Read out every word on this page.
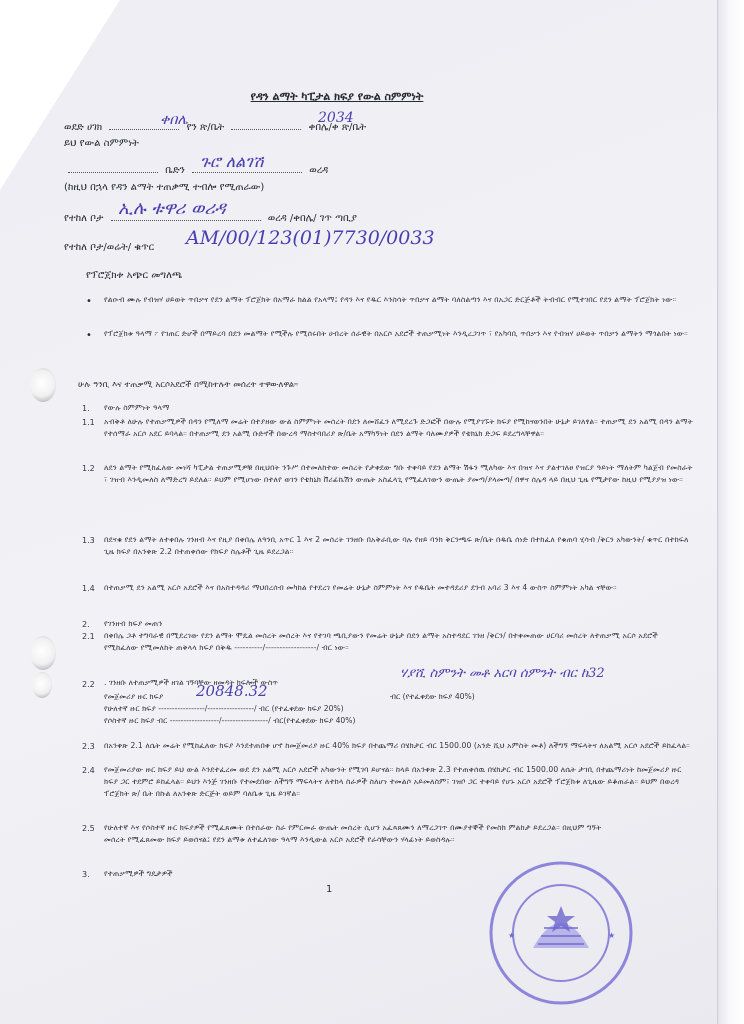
የዳን ልማት ካፒታል ክፍያ የውል ስምምነት
ወደድ ሀገክ	የን ጽ/ቤት	ቀበሌ/ቀ ጽ/ቤት
ቀበሌ	2034
ይህ የውል ስምምነት
ቤድን	ወረዳ
ጉሮ ለልገሽ
(ከዚህ በኋላ የዳን ልማት ተጠቃሚ ተብሎ የሚጠራው)
የተከለ ቦታ	ወረዳ /ቀበሌ/ ገጥ ጣቢያ
ኢሉ ቱዋሪ ወሪዳ
የተከለ ቦታ/ወሬት/ ቁጥር AM/00/123(01)7730/0033
የፕሮጀክቱ አጭር መግለጫ
• የልዑብ ሙሉ የብዝሃ ሀይወት ጥበቃና የደን ልማት ፕሮጀክት በአማራ ክልል የአላማ፤ የዳን እና የዱር እንስሳት ጥበቃና ልማት ባለስልጣን እና በአጋር ድርጅቶች ትብብር የሚተገበር የደን ልማት ፕሮጀክት ነው።
• የፕሮጀክቱ ዓላማ ፦ የገጠር ድሆች በማይረባ በደን መልማት የሚችሉ የሚሰሩበት ሀብረት ሰራዊት በአርሶ አደሮች ተጠቃሚነት እንዲረጋገጥ ፣ የአካባቢ ጥበቃን እና የብዝሃ ሀይወት ጥበቃን ልማትን ማጎልበት ነው።
ሁሉ ዓንቢ እና ተጠቃሚ አርሶአደሮች በሚከተሉት መሰረት ተዋውለዋል።
1. የውሉ ስምምነት ዓላማ
1.1 አብቅቶ ለሁሉ የተጠቃሚዎች በዳን የሚለማ መሬት በተያዘው ውል ስምምነት መሰረት በደን ለመሸፈን ለሚደረጉ ድጋፎች በውሉ የሚያገኙት ክፍያ የሚከናወንበት ሁኔታ ይገለፃል። ተጠቃሚ ደን አልሚ በዳን ልማት የተሰማራ አርሶ አደር ይባላል። በተጠቃሚ ደን አልሚ ቡድኖች በውረዳ ማስተባበሪያ ጽ/ቤት አማካኝነት በደን ልማት ባለሙያዎች የቴክኒክ ድጋፍ ይደረግላቸዋል።
1.2 ለደን ልማት የሚከፈለው መነሻ ካፒታል ተጠቃሚዎቹ በዚህበት ንጉሥ በተመለከተው መሰረት የታቀደው ግቡ ተቀባይ የደን ልማት ሽፋን ሚለካው እና በዝና እና ያልተገለፀ የዝርያ ዓይነት ማለትም ካልጀብ የመስራት ፣ ገዝብ እንዲመለስ ለማድረግ ይደለል። ይህም የሚሆነው በተለየ ወገን የቴክኒክ ቨሪፊኬሽን ውጤት አስፈላጊ የሚፈለገውን ውጤት ያመጣ/ያላመጣ/ በዋና ሰሌዳ ላይ በዚህ ጊዜ የሚታየው ከዚህ የሚያያዝ ነው።
1.3 በደናቁ የደን ልማት ለተቀበሉ ገንዘብ እና የዚያ በቀበሌ ለዓንቢ አጥር 1 እና 2 መሰረት ገንዘቡ በአቅራቢው ባሉ የዘይ ባንክ ቅርንጫፍ ጽ/ቤት በዱቤ ሰነድ በተከፈለ የቁጠባ ሂሳብ /ቅርን አካውንት/ ቁጥር በተከፍለ ጊዜ ክፍያ በአንቀጽ 2.2 በተጠቀሰው የክፍያ ስሌቶች ጊዜ ይደረጋል።
1.4 በተጠቃሚ ደን አልሚ አርሶ አደሮች እና በአስተዳዳሪ ማህበረሰብ መካከል የተደረገ የመሬት ሁኔታ ስምምነት እና የዱቤት መተዳደሪያ ደንብ አባሪ 3 እና 4 ውስጥ ስምምነት አካል ናቸው።
2. የገንዘብ ክፍያ መጠን
2.1 በቀበሌ ጋቶ ተግባራዊ በሚደረገው የደን ልማት ሞዴል መሰረት መሰረት እና የተገባ ጫቢያውን የመሬት ሁኔታ በደን ልማት አስተዳደር ገንዘ /ቅርን/ በተቀመጠው ሀርባሪ መሰረት ለተጠቃሚ አርሶ አደሮች የሚከፈለው የሚመለከት ጠቅላላ ክፍያ በቅዱ ----------/------------------/ ብር ነው።
2.2 . ገንዘቡ ለተጠቃሚዎች ዘገል ገኝባቸው ዘመዳት ክፍሎች ውስጥ
ሃያሺ ስምንት መቶ አርባ ሰምንት ብር ከ32
20848.32
የመጀመሪያ ዙር ክፍያ	ብር (የተፈቀደው ክፍያ 40%)
የሁለተኛ ዙር ክፍያ -----------------/-----------------/ ብር (የተፈቀደው ክፍያ 20%)
የሶስተኛ ዙር ክፍያ ብር ------------------/-----------------/ ብር(የተፈቀደው ክፍያ 40%)
2.3 በአንቀጽ 2.1 ለሴት መሬት የሚከፈለው ክፍያ እንደተጠበቀ ሆኖ ከመጀመሪያ ዙር 40% ክፍያ በተጨማሪ በሄክታር ብር 1500.00 (አንድ ሺህ አምስት መቶ) ለችግኝ ማፍላትና ለአልሚ አርሶ አደሮች ይከፈላል።
2.4 የመጀመሪያው ዙር ክፍያ ይህ ውል እንደተፈረመ ወደ ደን አልሚ አርሶ አደሮች አካውንት የሚገባ ይሆናል። ከላይ በአንቀጽ 2.3 የተጠቀሰዉ በሄክታር ብር 1500.00 ለሴት ታገቢ በተጨማሪነት ከመጀመሪያ ዙር ክፍያ ጋር ተደምሮ ይከፈላል። ይህን እንጅ ገንዘቡ የተመደበው ለችግኝ ማፍላትና ለተከላ ስራዎች ስለሆነ ተመልሶ አይመለስም፣ ገዝቦ ጋር ተቀባይ የሆኑ አርሶ አደሮች ፕሮጀክቱ ለጊዜው ይቆጠራል። ይህም በወረዳ ፕሮጀክት ጽ/ ቤት በኩል ለአንቀጽ ድርጅት ወይም ባለቤቱ ጊዜ ይገኛል።
2.5 የሁለተኛ እና የሶስተኛ ዙር ክፍያዎች የሚፈጸሙት በተሰራው ስራ የምርመራ ውጤት መሰረት ሲሆን አፈጻጸሙን ለማረጋገጥ በሙያተኞች የመስክ ምልከታ ይደረጋል። በዚህም ግኝት መሰረት የሚፈጸመው ክፍያ ይወሰናል፤ የደን ልማቱ ለተፈለገው ዓላማ እንዲውል አርሶ አደሮች የራሳቸውን ሃላፊነት ይወስዳሉ።
3. የተጠቃሚዎች ግዴታዎች
1
★	★
